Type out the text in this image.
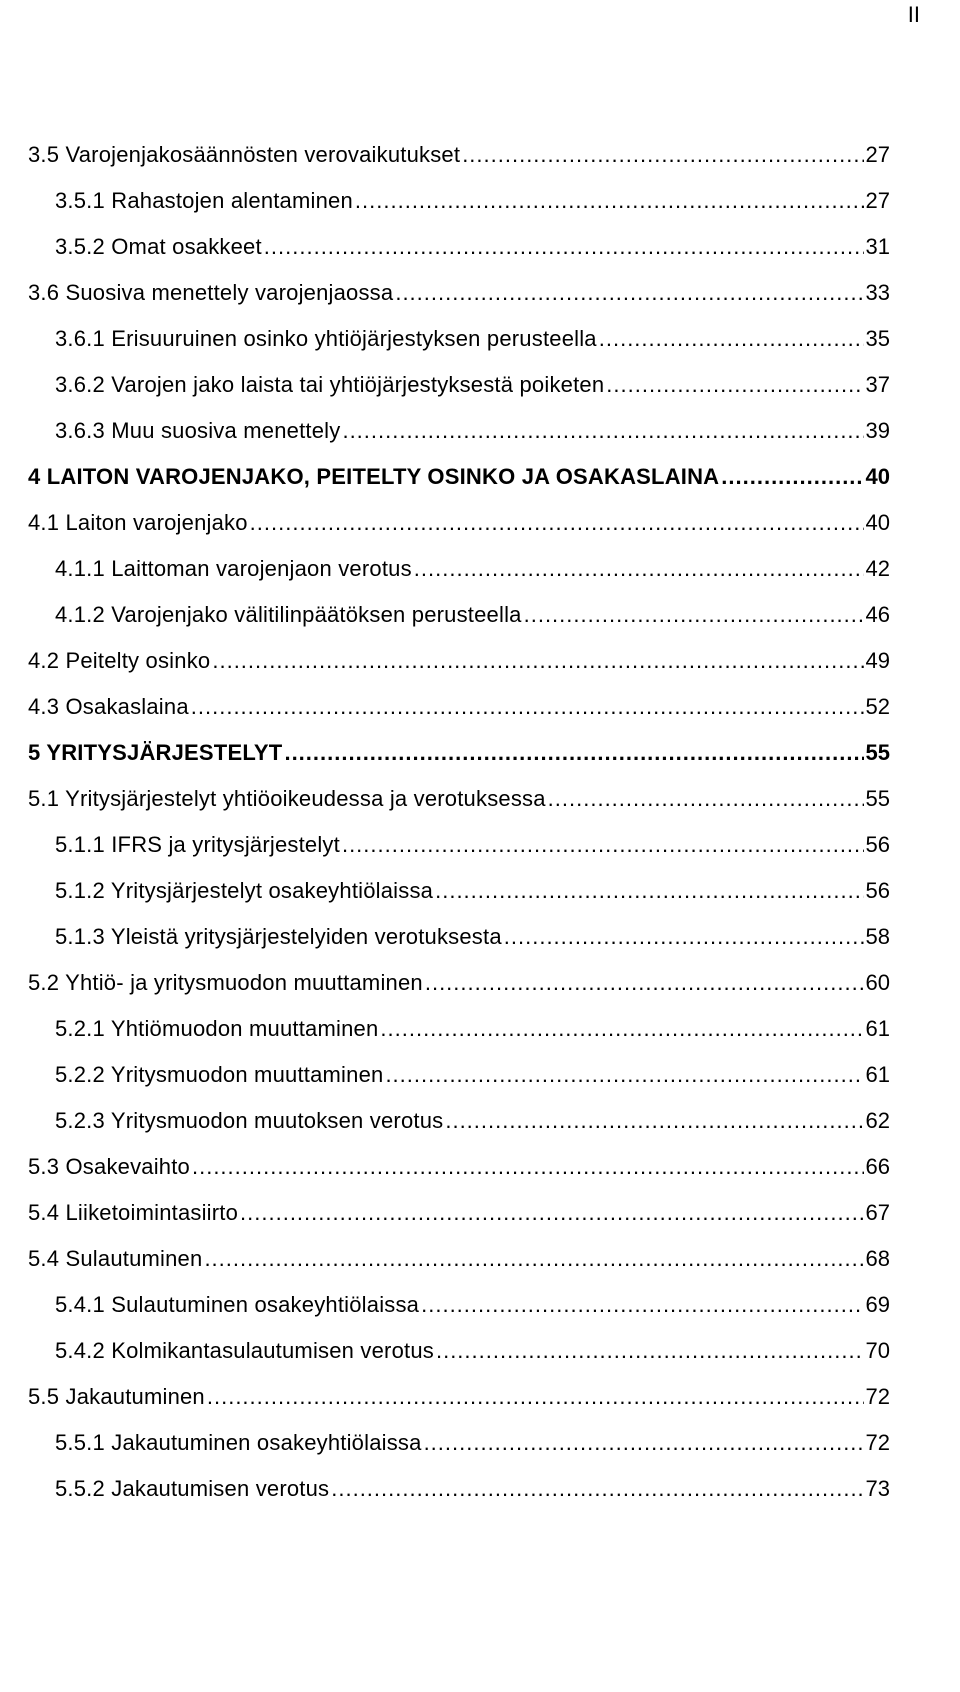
II
3.5 Varojenjakosäännösten verovaikutukset .....	27
3.5.1 Rahastojen alentaminen .....	27
3.5.2 Omat osakkeet .....	31
3.6 Suosiva menettely varojenjaossa .....	33
3.6.1 Erisuuruinen osinko yhtiöjärjestyksen perusteella .....	35
3.6.2 Varojen jako laista tai yhtiöjärjestyksestä poiketen .....	37
3.6.3 Muu suosiva menettely .....	39
4 LAITON VAROJENJAKO, PEITELTY OSINKO JA OSAKASLAINA .....	40
4.1 Laiton varojenjako .....	40
4.1.1 Laittoman varojenjaon verotus .....	42
4.1.2 Varojenjako välitilinpäätöksen perusteella .....	46
4.2 Peitelty osinko .....	49
4.3 Osakaslaina .....	52
5 YRITYSJÄRJESTELYT .....	55
5.1 Yritysjärjestelyt yhtiöoikeudessa ja verotuksessa .....	55
5.1.1 IFRS ja yritysjärjestelyt .....	56
5.1.2 Yritysjärjestelyt osakeyhtiölaissa .....	56
5.1.3 Yleistä yritysjärjestelyiden verotuksesta .....	58
5.2 Yhtiö- ja yritysmuodon muuttaminen .....	60
5.2.1 Yhtiömuodon muuttaminen .....	61
5.2.2 Yritysmuodon muuttaminen .....	61
5.2.3 Yritysmuodon muutoksen verotus .....	62
5.3 Osakevaihto .....	66
5.4 Liiketoimintasiirto .....	67
5.4 Sulautuminen .....	68
5.4.1 Sulautuminen osakeyhtiölaissa .....	69
5.4.2 Kolmikantasulautumisen verotus .....	70
5.5 Jakautuminen .....	72
5.5.1 Jakautuminen osakeyhtiölaissa .....	72
5.5.2 Jakautumisen verotus .....	73
